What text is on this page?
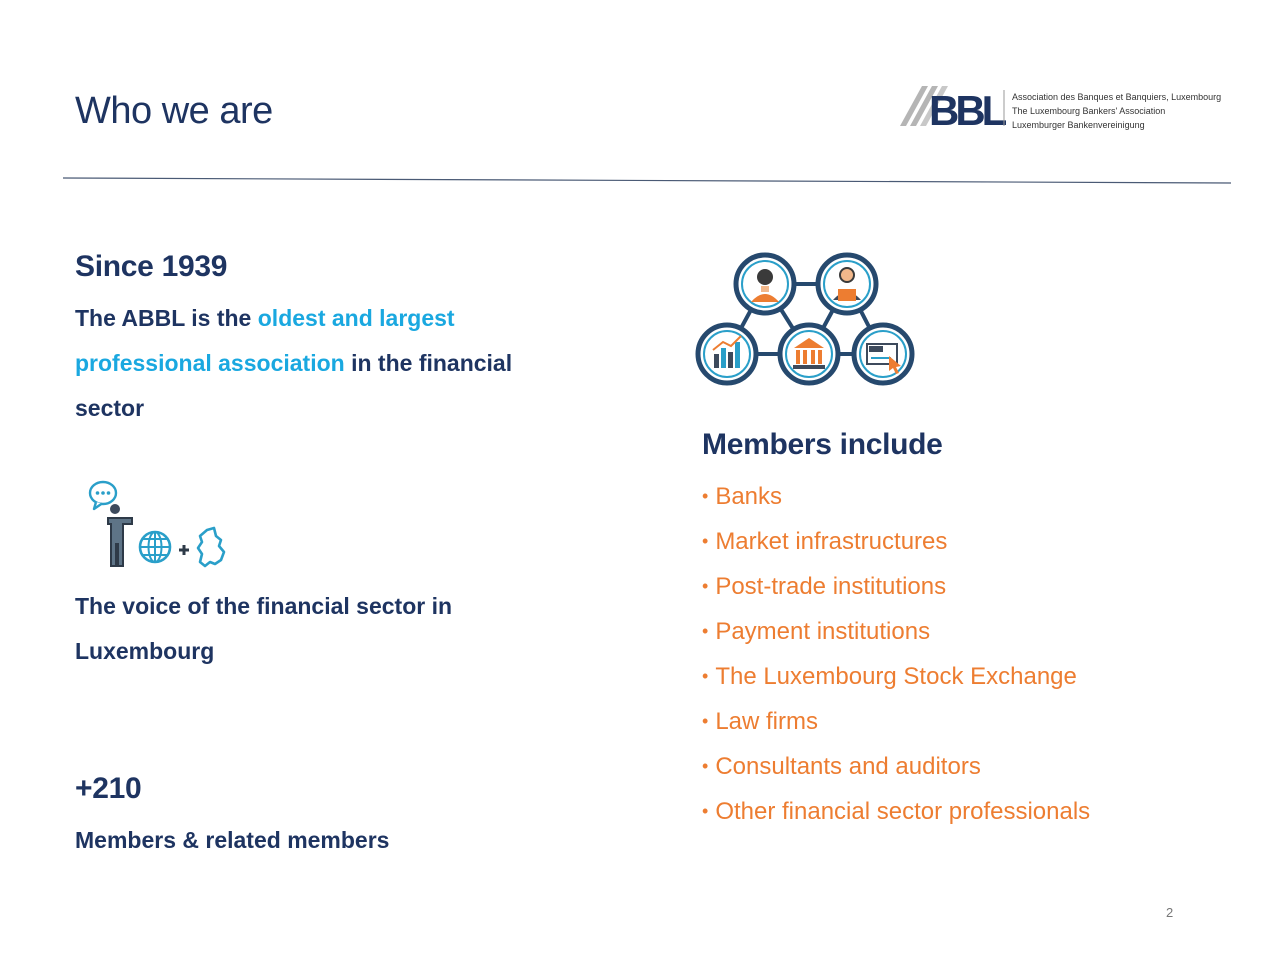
Who we are	BBL Association des Banques et Banquiers, Luxembourg
The Luxembourg Bankers' Association
Luxemburger Bankenvereinigung
Since 1939
The ABBL is the oldest and largest professional association in the financial sector
The voice of the financial sector in Luxembourg
+210
Members & related members
Members include
• Banks
• Market infrastructures
• Post-trade institutions
• Payment institutions
• The Luxembourg Stock Exchange
• Law firms
• Consultants and auditors
• Other financial sector professionals
2
